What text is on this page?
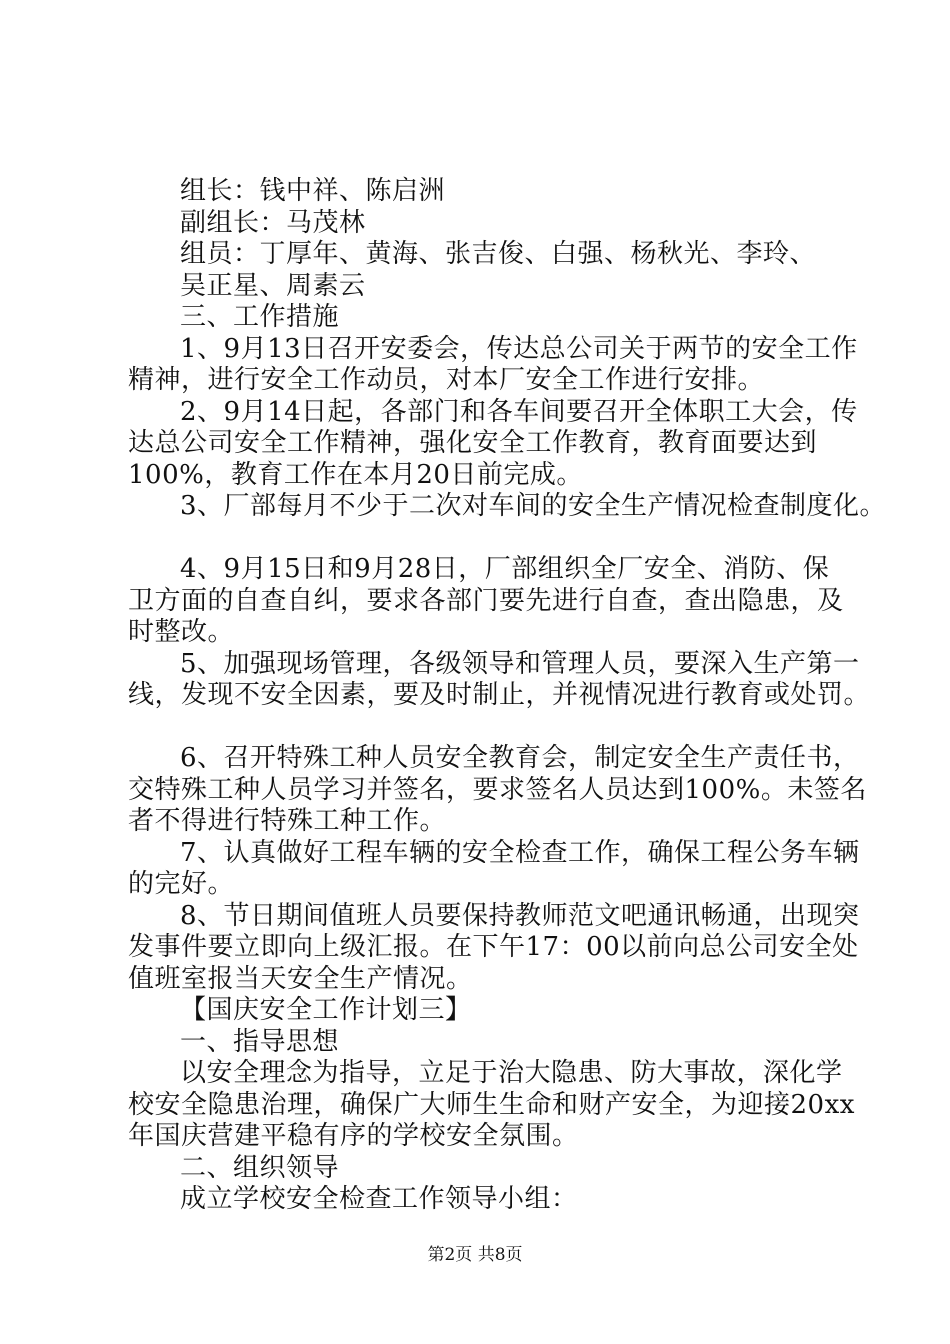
组长：钱中祥、陈启洲
副组长：马茂林
组员：丁厚年、黄海、张吉俊、白强、杨秋光、李玲、
吴正星、周素云
三、工作措施
1、9月13日召开安委会，传达总公司关于两节的安全工作
精神，进行安全工作动员，对本厂安全工作进行安排。
2、9月14日起，各部门和各车间要召开全体职工大会，传
达总公司安全工作精神，强化安全工作教育，教育面要达到
100%，教育工作在本月20日前完成。
3、厂部每月不少于二次对车间的安全生产情况检查制度化。
4、9月15日和9月28日，厂部组织全厂安全、消防、保
卫方面的自查自纠，要求各部门要先进行自查，查出隐患，及
时整改。
5、加强现场管理，各级领导和管理人员，要深入生产第一
线，发现不安全因素，要及时制止，并视情况进行教育或处罚。
6、召开特殊工种人员安全教育会，制定安全生产责任书，
交特殊工种人员学习并签名，要求签名人员达到100%。未签名
者不得进行特殊工种工作。
7、认真做好工程车辆的安全检查工作，确保工程公务车辆
的完好。
8、节日期间值班人员要保持教师范文吧通讯畅通，出现突
发事件要立即向上级汇报。在下午17：00以前向总公司安全处
值班室报当天安全生产情况。
【国庆安全工作计划三】
一、指导思想
以安全理念为指导，立足于治大隐患、防大事故，深化学
校安全隐患治理，确保广大师生生命和财产安全，为迎接20xx
年国庆营建平稳有序的学校安全氛围。
二、组织领导
成立学校安全检查工作领导小组：
第2页 共8页
